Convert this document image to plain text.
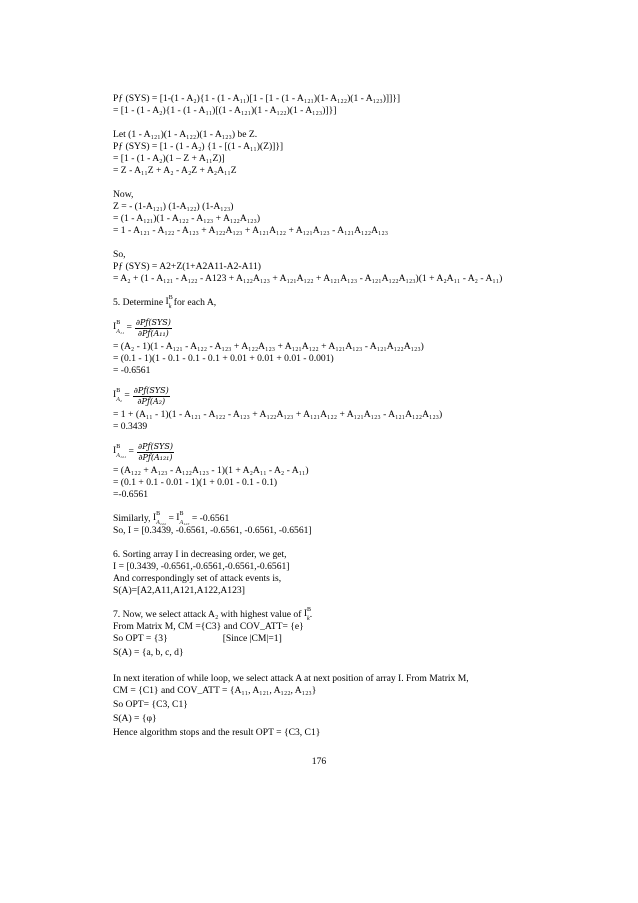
Pƒ (SYS) = [1-(1 - A₂){1 - (1 - A₁₁)[1 - [1 - (1 - A₁₂₁)(1- A₁₂₂)(1 - A₁₂₃)]]}]
= [1 - (1 - A₂){1 - (1 - A₁₁)[(1 - A₁₂₁)(1 - A₁₂₂)(1 - A₁₂₃)]}]
Let (1 - A₁₂₁)(1 - A₁₂₂)(1 - A₁₂₃) be Z.
Pƒ (SYS) = [1 - (1 - A₂) {1 - [(1 - A₁₁)(Z)]}]
= [1 - (1 - A₂)(1 – Z + A₁₁Z)]
= Z - A₁₁Z + A₂ - A₂Z + A₂A₁₁Z
Now,
Z = - (1-A₁₂₁) (1-A₁₂₂) (1-A₁₂₃)
= (1 - A₁₂₁)(1 - A₁₂₂ - A₁₂₃ + A₁₂₂A₁₂₃)
= 1 - A₁₂₁ - A₁₂₂ - A₁₂₃ + A₁₂₂A₁₂₃ + A₁₂₁A₁₂₂ + A₁₂₁A₁₂₃ - A₁₂₁A₁₂₂A₁₂₃
So,
Pƒ (SYS) = A2+Z(1+A2A11-A2-A11)
= A₂ + (1 - A₁₂₁ - A₁₂₂ - A123 + A₁₂₂A₁₂₃ + A₁₂₁A₁₂₂ + A₁₂₁A₁₂₃ - A₁₂₁A₁₂₂A₁₂₃)(1 + A₂A₁₁ - A₂ - A₁₁)
5. Determine
$I^B_k$
for each A,
$I^B_{A_{11}} = \frac{\text{∂Pƒ(SYS)}}{\text{∂Pƒ(A₁₁)}}$
= (A₂ - 1)(1 - A₁₂₁ - A₁₂₂ - A₁₂₃ + A₁₂₂A₁₂₃ + A₁₂₁A₁₂₂ + A₁₂₁A₁₂₃ - A₁₂₁A₁₂₂A₁₂₃)
= (0.1 - 1)(1 - 0.1 - 0.1 - 0.1 + 0.01 + 0.01 + 0.01 - 0.001)
= -0.6561
$I^B_{A_2} = \frac{\text{∂Pƒ(SYS)}}{\text{∂Pƒ(A₂)}}$
= 1 + (A₁₁ - 1)(1 - A₁₂₁ - A₁₂₂ - A₁₂₃ + A₁₂₂A₁₂₃ + A₁₂₁A₁₂₂ + A₁₂₁A₁₂₃ - A₁₂₁A₁₂₂A₁₂₃)
= 0.3439
$I^B_{A_{121}} = \frac{\text{∂Pƒ(SYS)}}{\text{∂Pƒ(A₁₂₁)}}$
= (A₁₂₂ + A₁₂₃ - A₁₂₂A₁₂₃ - 1)(1 + A₂A₁₁ - A₂ - A₁₁)
= (0.1 + 0.1 - 0.01 - 1)(1 + 0.01 - 0.1 - 0.1)
=-0.6561
Similarly,
$I^B_{A_{122}}$
=
$I^B_{A_{123}}$
= -0.6561
So, I = [0.3439, -0.6561, -0.6561, -0.6561, -0.6561]
6. Sorting array I in decreasing order, we get,
I = [0.3439, -0.6561,-0.6561,-0.6561,-0.6561]
And correspondingly set of attack events is,
S(A)=[A2,A11,A121,A122,A123]
7. Now, we select attack A₂ with highest value of
$I^B_k$ .
From Matrix M, CM ={C3} and COV_ATT= {e}
So OPT = {3}	[Since |CM|=1]
S(A) = {a, b, c, d}
In next iteration of while loop, we select attack A at next position of array I. From Matrix M,
CM = {C1} and COV_ATT = {A₁₁, A₁₂₁, A₁₂₂, A₁₂₃}
So OPT= {C3, C1}
S(A) = {φ}
Hence algorithm stops and the result OPT = {C3, C1}
176
